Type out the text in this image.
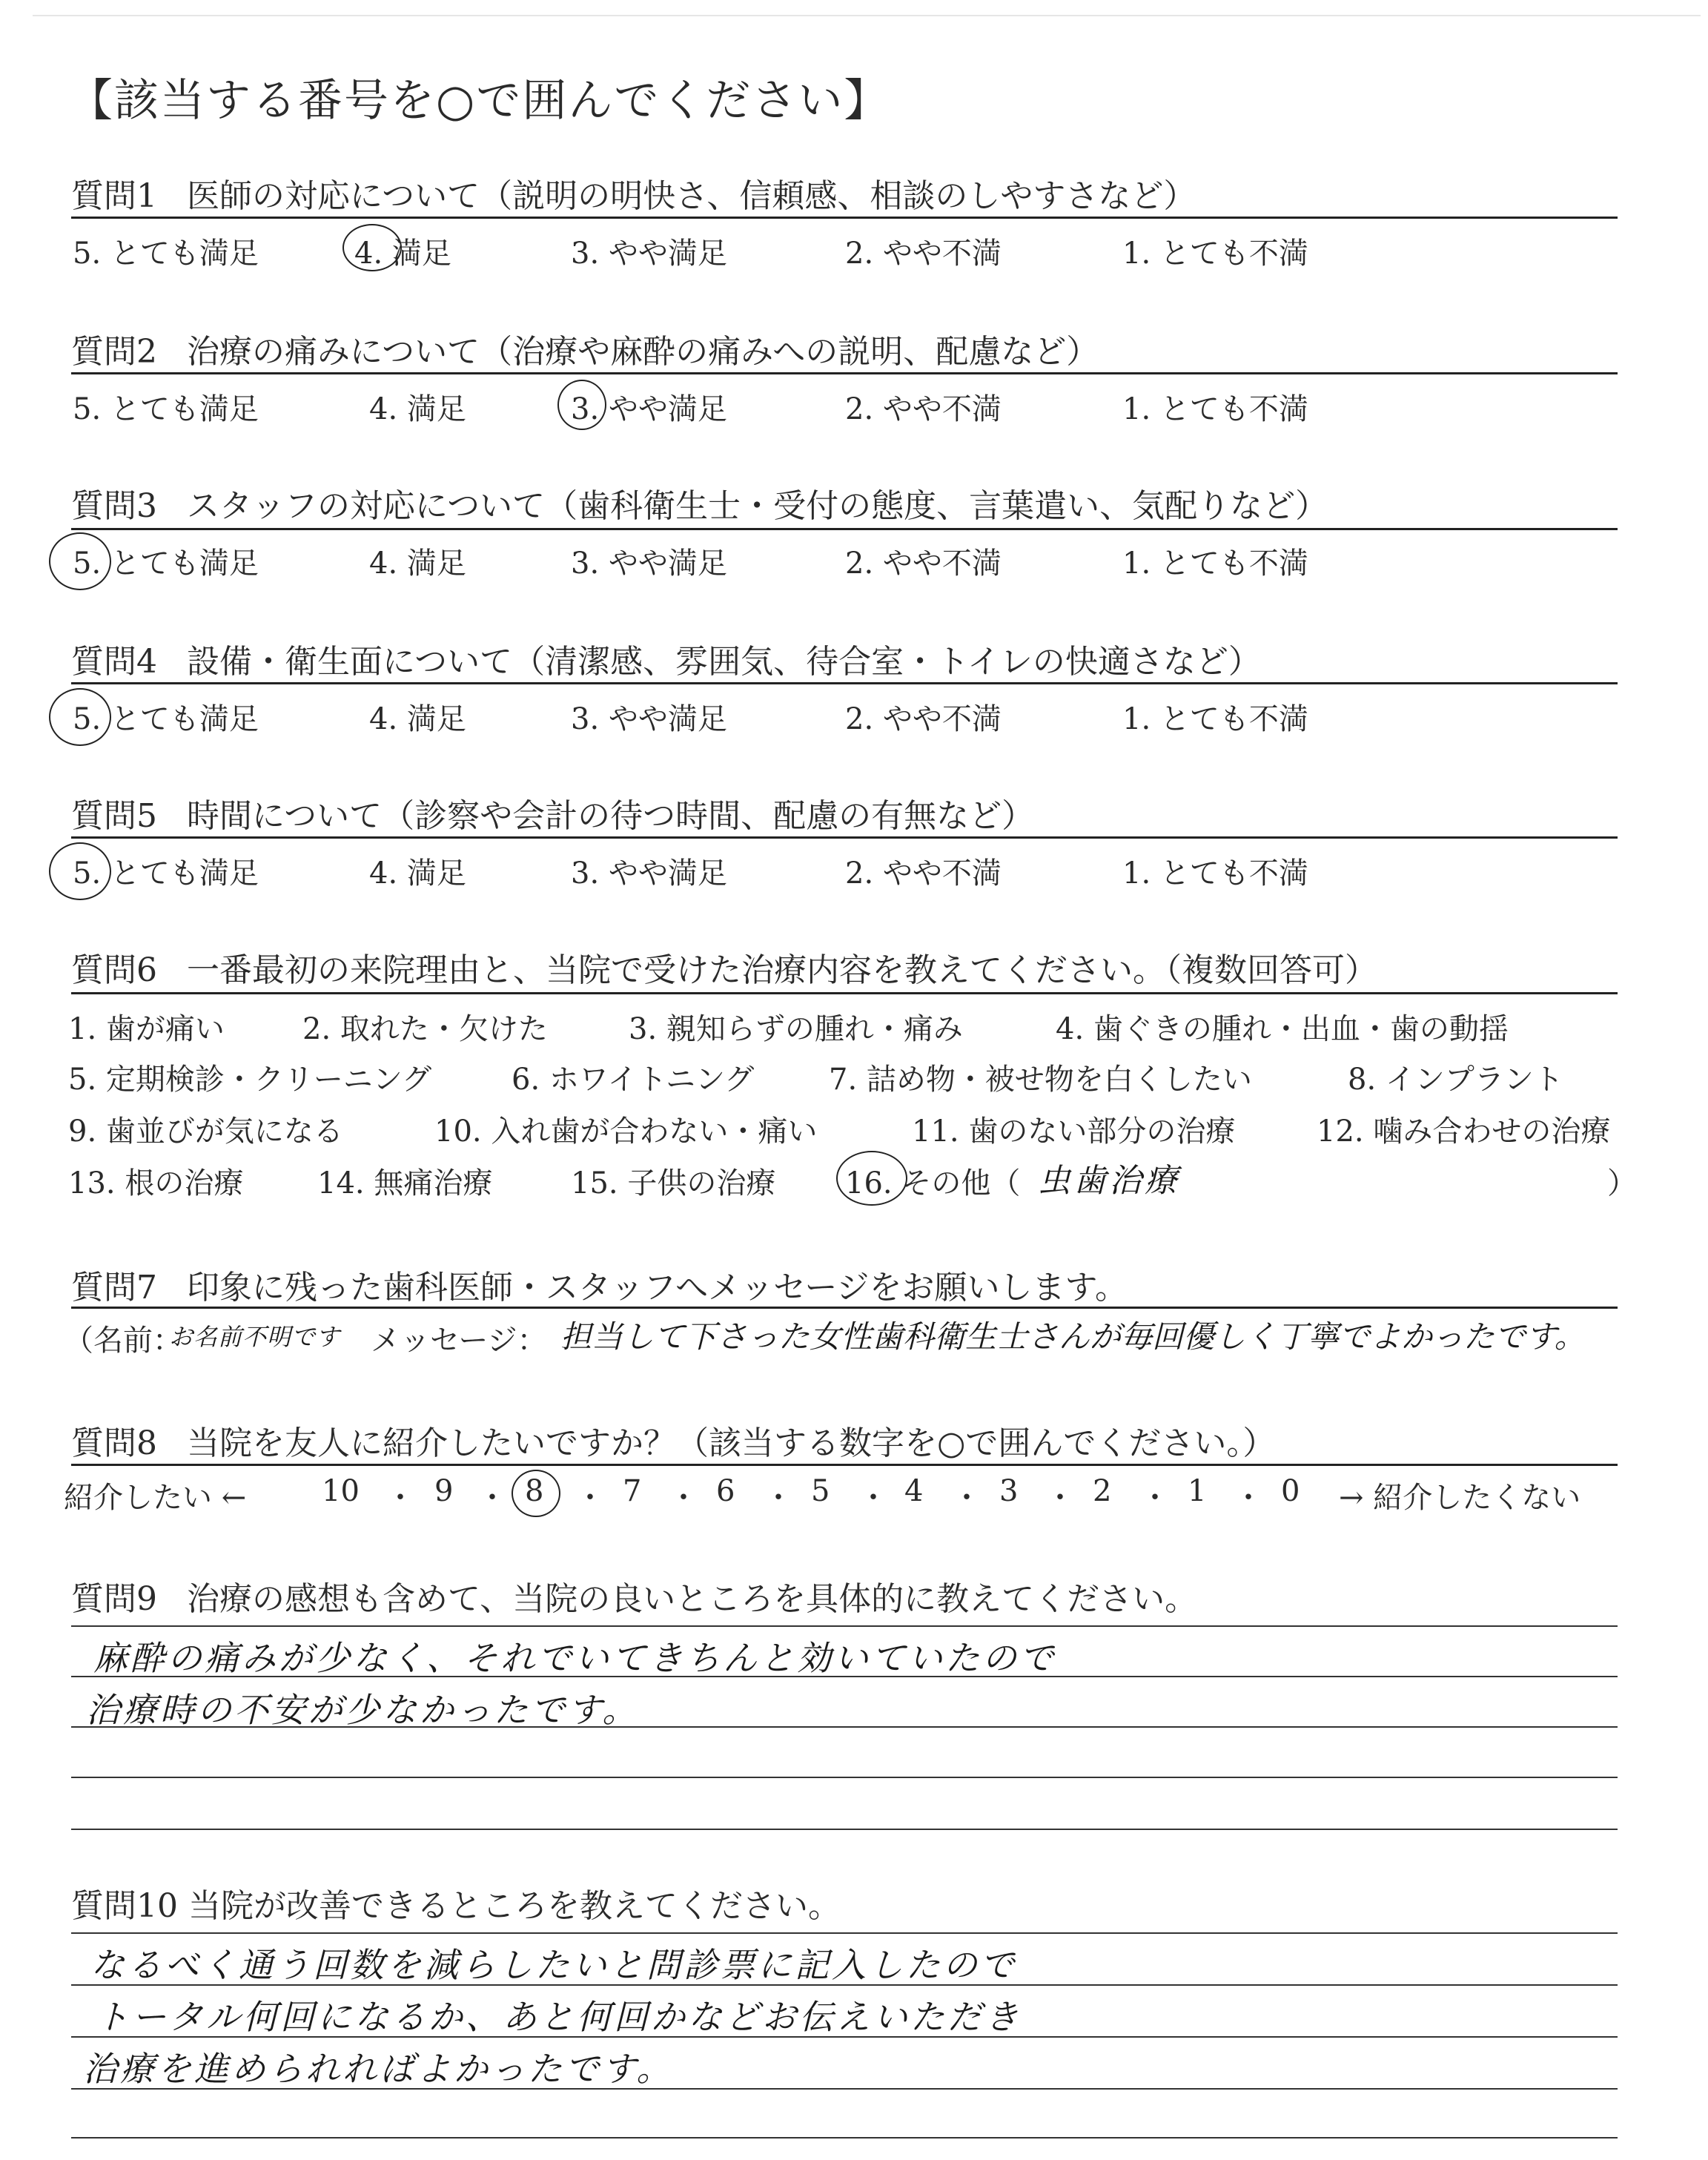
【該当する番号を○で囲んでください】
質問1 医師の対応について（説明の明快さ、信頼感、相談のしやすさなど）
5. とても満足	4. 満足	3. やや満足	2. やや不満	1. とても不満
質問2 治療の痛みについて（治療や麻酔の痛みへの説明、配慮など）
5. とても満足	4. 満足	3. やや満足	2. やや不満	1. とても不満
質問3 スタッフの対応について（歯科衛生士・受付の態度、言葉遣い、気配りなど）
5. とても満足	4. 満足	3. やや満足	2. やや不満	1. とても不満
質問4 設備・衛生面について（清潔感、雰囲気、待合室・トイレの快適さなど）
5. とても満足	4. 満足	3. やや満足	2. やや不満	1. とても不満
質問5 時間について（診察や会計の待つ時間、配慮の有無など）
5. とても満足	4. 満足	3. やや満足	2. やや不満	1. とても不満
質問6 一番最初の来院理由と、当院で受けた治療内容を教えてください。（複数回答可）
1. 歯が痛い	2. 取れた・欠けた	3. 親知らずの腫れ・痛み	4. 歯ぐきの腫れ・出血・歯の動揺
5. 定期検診・クリーニング	6. ホワイトニング	7. 詰め物・被せ物を白くしたい	8. インプラント
9. 歯並びが気になる	10. 入れ歯が合わない・痛い	11. 歯のない部分の治療	12. 噛み合わせの治療
13. 根の治療 14. 無痛治療	15. 子供の治療 16. その他（ 虫歯治療	）
質問7 印象に残った歯科医師・スタッフへメッセージをお願いします。
（名前：
お名前不明です メッセージ： 担当して下さった女性歯科衛生士さんが毎回優しく丁寧でよかったです。
質問8 当院を友人に紹介したいですか？（該当する数字を○で囲んでください。）
紹介したい ←	10 ・ 9 ・ 8 ・ 7 ・ 6 ・ 5 ・ 4 ・ 3 ・ 2 ・ 1 ・ 0 → 紹介したくない
質問9 治療の感想も含めて、当院の良いところを具体的に教えてください。
麻酔の痛みが少なく、それでいてきちんと効いていたので
治療時の不安が少なかったです。
質問10 当院が改善できるところを教えてください。
なるべく通う回数を減らしたいと問診票に記入したので
トータル何回になるか、あと何回かなどお伝えいただき
治療を進められればよかったです。
